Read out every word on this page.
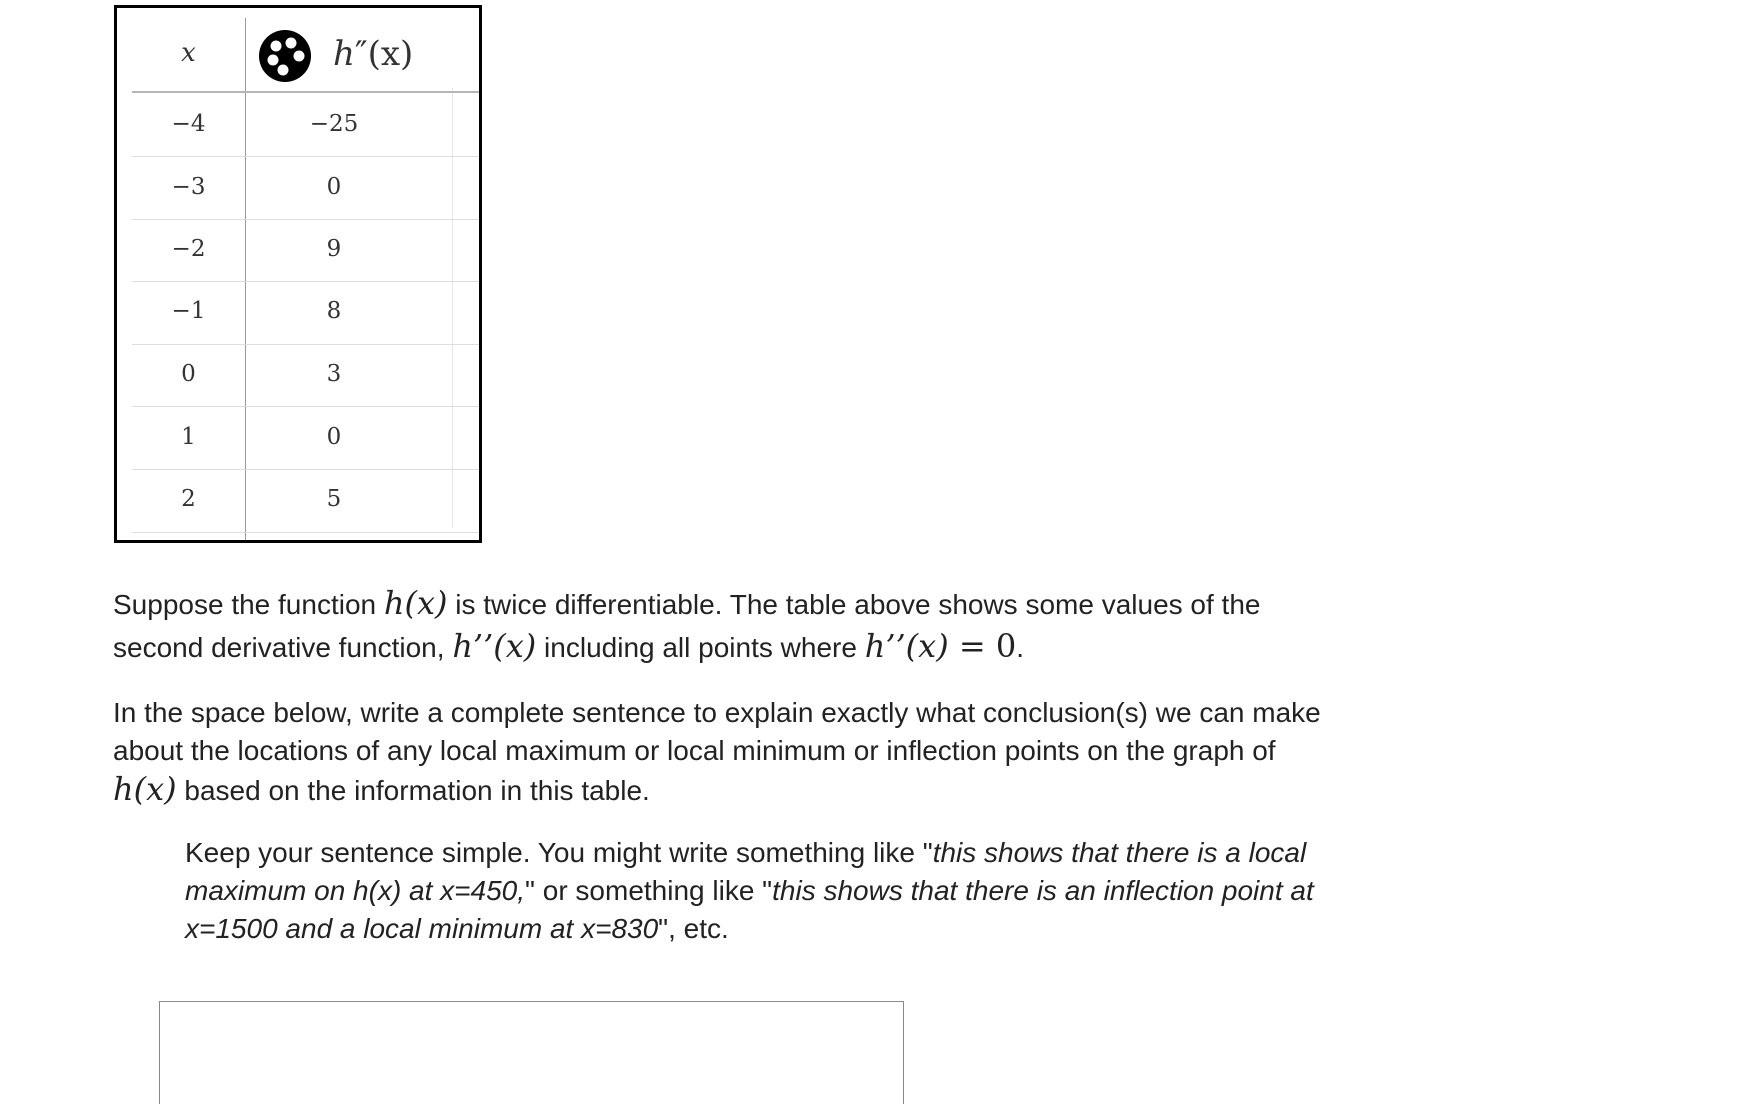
x	h″(x)
−4	−25
−3	0
−2	9
−1	8
0	3
1	0
2	5
Suppose the function h(x) is twice differentiable. The table above shows some values of the
second derivative function, h’’(x) including all points where h’’(x) = 0.
In the space below, write a complete sentence to explain exactly what conclusion(s) we can make
about the locations of any local maximum or local minimum or inflection points on the graph of
h(x) based on the information in this table.
Keep your sentence simple. You might write something like "this shows that there is a local maximum on h(x) at x=450," or something like "this shows that there is an inflection point at x=1500 and a local minimum at x=830", etc.
